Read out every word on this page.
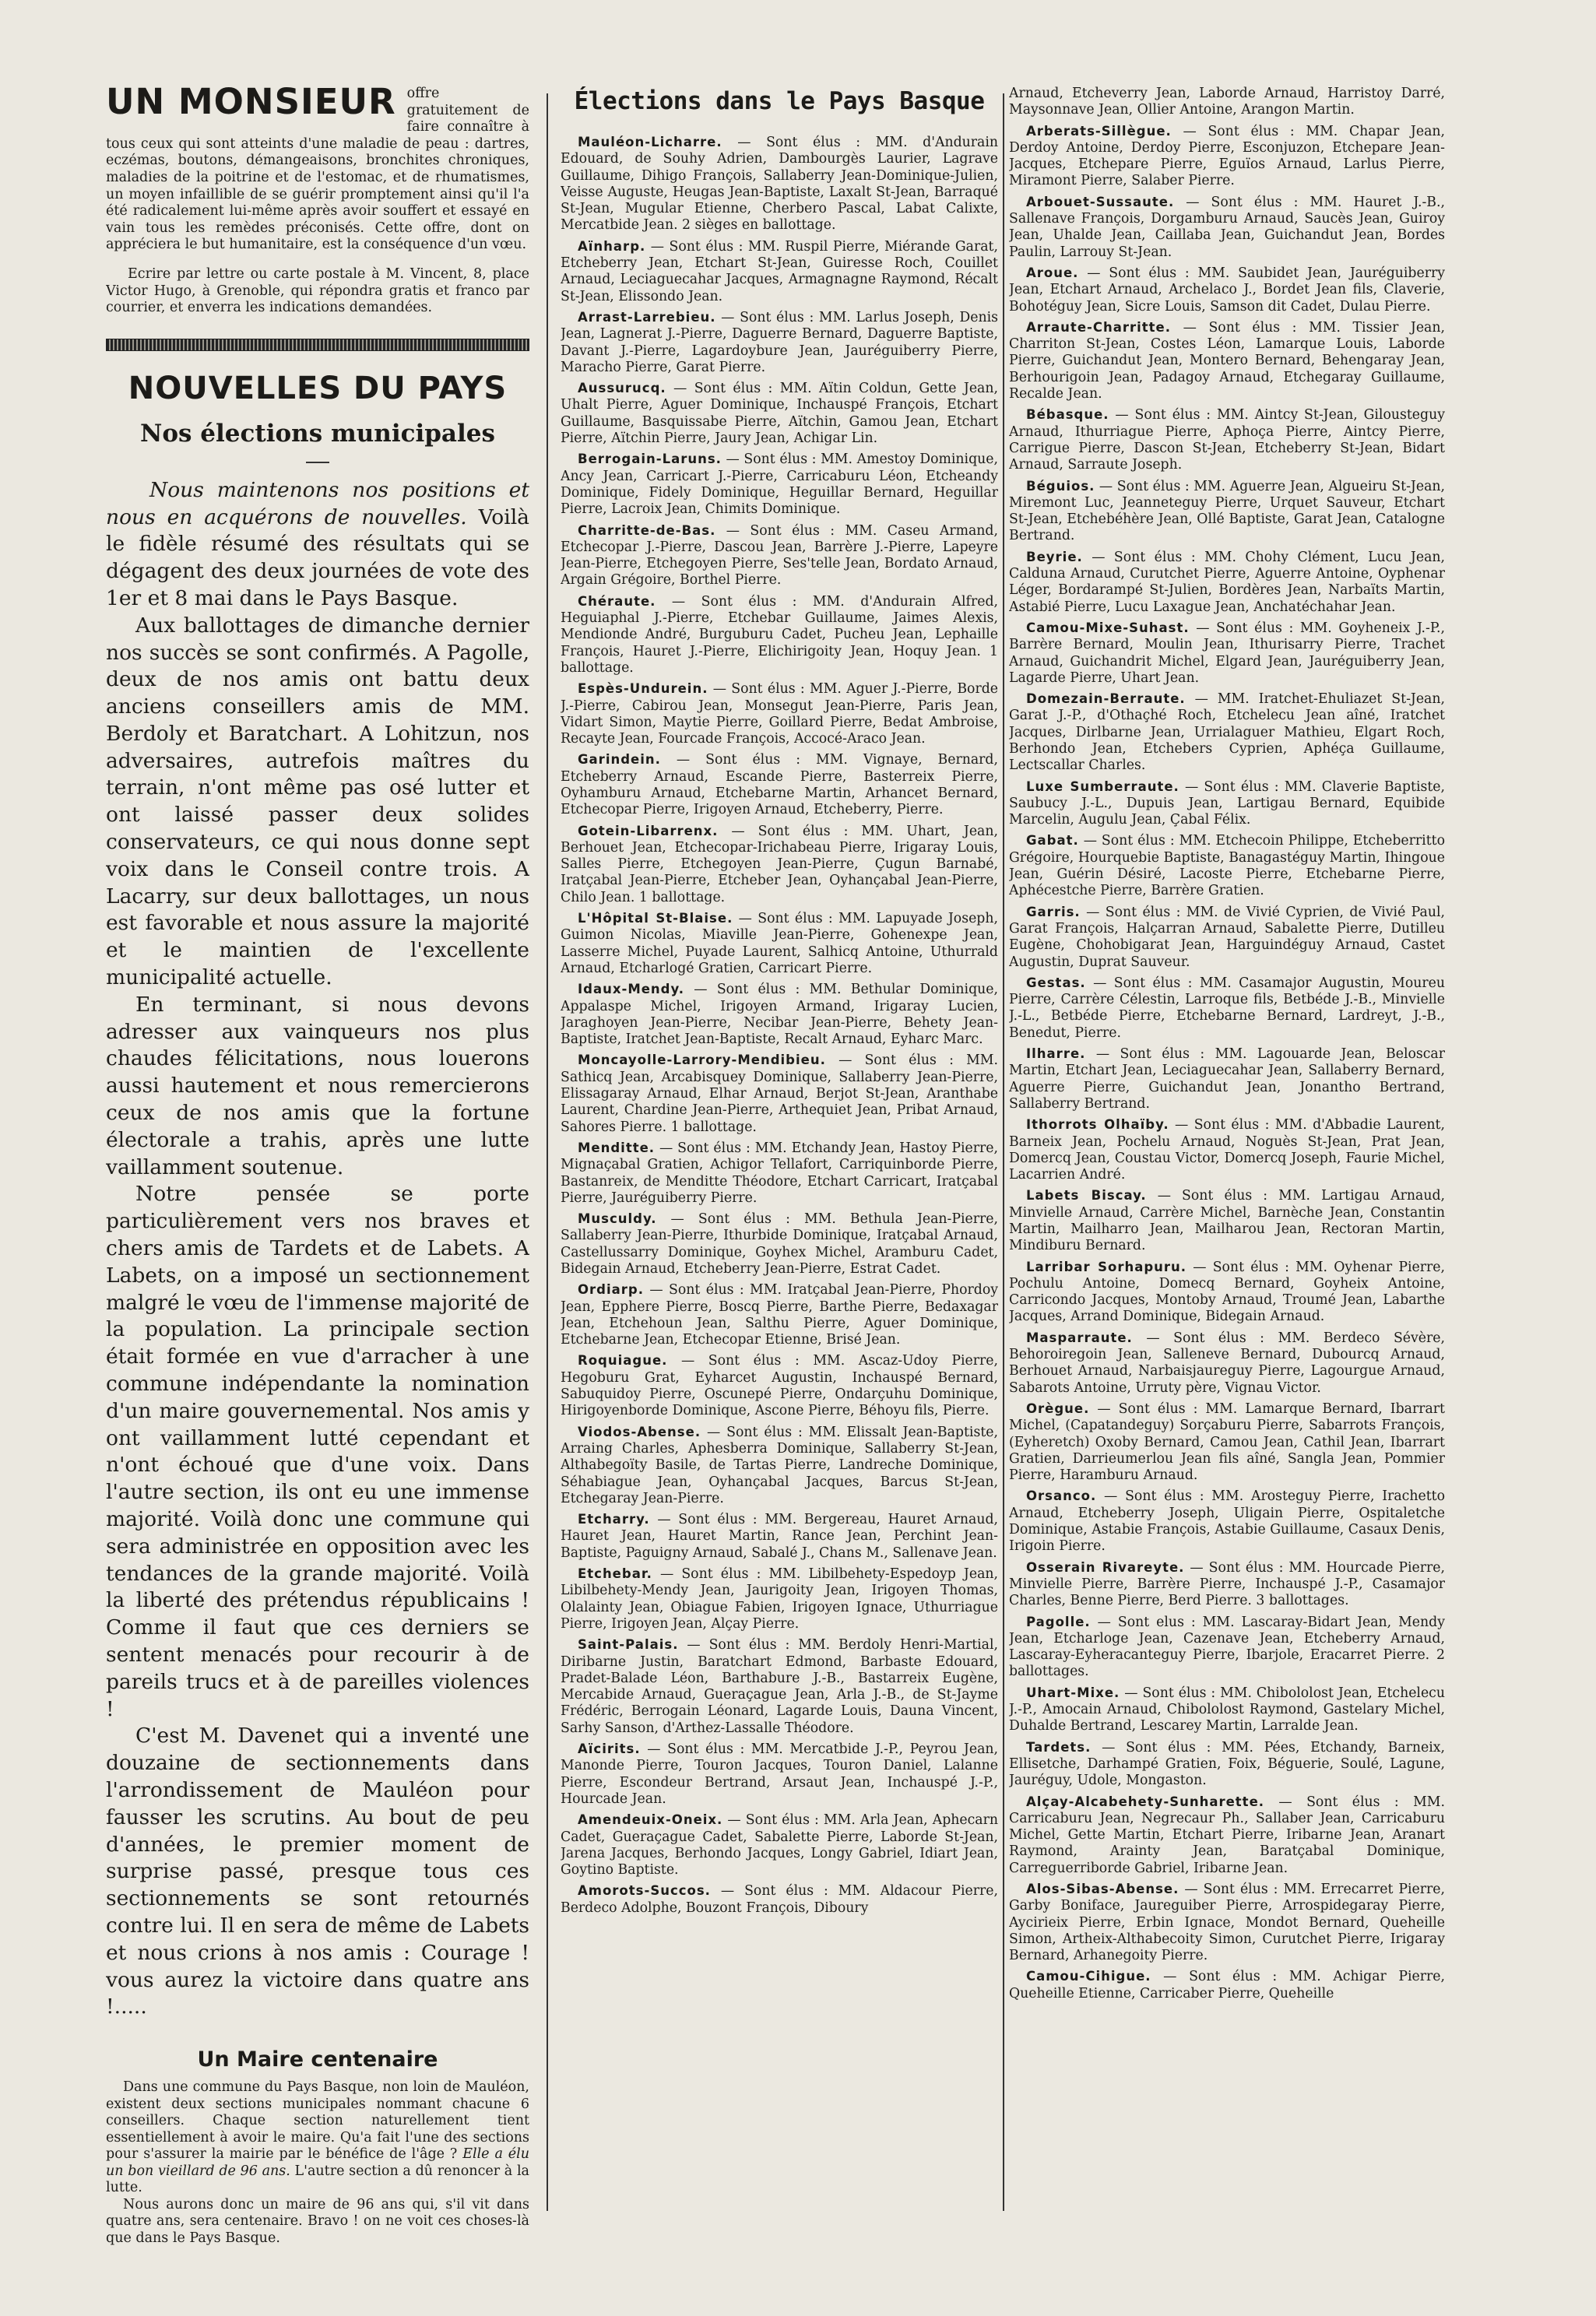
UN MONSIEUR offre gratuitement de faire connaître à tous ceux qui sont atteints d'une maladie de peau : dartres, eczémas, boutons, démangeaisons, bronchites chroniques, maladies de la poitrine et de l'estomac, et de rhumatismes, un moyen infaillible de se guérir promptement ainsi qu'il l'a été radicalement lui-même après avoir souffert et essayé en vain tous les remèdes préconisés. Cette offre, dont on appréciera le but humanitaire, est la conséquence d'un vœu.

Ecrire par lettre ou carte postale à M. Vincent, 8, place Victor Hugo, à Grenoble, qui répondra gratis et franco par courrier, et enverra les indications demandées.

NOUVELLES DU PAYS
Nos élections municipales

Nous maintenons nos positions et nous en acquérons de nouvelles. Voilà le fidèle résumé des résultats qui se dégagent des deux journées de vote des 1er et 8 mai dans le Pays Basque.

Aux ballottages de dimanche dernier nos succès se sont confirmés. A Pagolle, deux de nos amis ont battu deux anciens conseillers amis de MM. Berdoly et Baratchart. A Lohitzun, nos adversaires, autrefois maîtres du terrain, n'ont même pas osé lutter et ont laissé passer deux solides conservateurs, ce qui nous donne sept voix dans le Conseil contre trois. A Lacarry, sur deux ballottages, un nous est favorable et nous assure la majorité et le maintien de l'excellente municipalité actuelle.

En terminant, si nous devons adresser aux vainqueurs nos plus chaudes félicitations, nous louerons aussi hautement et nous remercierons ceux de nos amis que la fortune électorale a trahis, après une lutte vaillamment soutenue.

Notre pensée se porte particulièrement vers nos braves et chers amis de Tardets et de Labets. A Labets, on a imposé un sectionnement malgré le vœu de l'immense majorité de la population. La principale section était formée en vue d'arracher à une commune indépendante la nomination d'un maire gouvernemental. Nos amis y ont vaillamment lutté cependant et n'ont échoué que d'une voix. Dans l'autre section, ils ont eu une immense majorité. Voilà donc une commune qui sera administrée en opposition avec les tendances de la grande majorité. Voilà la liberté des prétendus républicains ! Comme il faut que ces derniers se sentent menacés pour recourir à de pareils trucs et à de pareilles violences !

C'est M. Davenet qui a inventé une douzaine de sectionnements dans l'arrondissement de Mauléon pour fausser les scrutins. Au bout de peu d'années, le premier moment de surprise passé, presque tous ces sectionnements se sont retournés contre lui. Il en sera de même de Labets et nous crions à nos amis : Courage ! vous aurez la victoire dans quatre ans !.....

Un Maire centenaire

Dans une commune du Pays Basque, non loin de Mauléon, existent deux sections municipales nommant chacune 6 conseillers. Chaque section naturellement tient essentiellement à avoir le maire. Qu'a fait l'une des sections pour s'assurer la mairie par le bénéfice de l'âge ? Elle a élu un bon vieillard de 96 ans. L'autre section a dû renoncer à la lutte.

Nous aurons donc un maire de 96 ans qui, s'il vit dans quatre ans, sera centenaire. Bravo ! on ne voit ces choses-là que dans le Pays Basque.

Élections dans le Pays Basque

Mauléon-Licharre. — Sont élus : MM. d'Andurain Edouard, de Souhy Adrien, Dambourgès Laurier, Lagrave Guillaume, Dihigo François, Sallaberry Jean-Dominique-Julien, Veisse Auguste, Heugas Jean-Baptiste, Laxalt St-Jean, Barraqué St-Jean, Mugular Etienne, Cherbero Pascal, Labat Calixte, Mercatbide Jean. 2 sièges en ballottage.

Aïnharp. — Sont élus : MM. Ruspil Pierre, Miérande Garat, Etcheberry Jean, Etchart St-Jean, Guiresse Roch, Couillet Arnaud, Leciaguecahar Jacques, Armagnagne Raymond, Récalt St-Jean, Elissondo Jean.

Arrast-Larrebieu. — Sont élus : MM. Larlus Joseph, Denis Jean, Lagnerat J.-Pierre, Daguerre Bernard, Daguerre Baptiste, Davant J.-Pierre, Lagardoybure Jean, Jauréguiberry Pierre, Maracho Pierre, Garat Pierre.

Aussurucq. — Sont élus : MM. Aïtin Coldun, Gette Jean, Uhalt Pierre, Aguer Dominique, Inchauspé François, Etchart Guillaume, Basquissabe Pierre, Aïtchin, Gamou Jean, Etchart Pierre, Aïtchin Pierre, Jaury Jean, Achigar Lin.

Berrogain-Laruns. — Sont élus : MM. Amestoy Dominique, Ancy Jean, Carricart J.-Pierre, Carricaburu Léon, Etcheandy Dominique, Fidely Dominique, Heguillar Bernard, Heguillar Pierre, Lacroix Jean, Chimits Dominique.

Charritte-de-Bas. — Sont élus : MM. Caseu Armand, Etchecopar J.-Pierre, Dascou Jean, Barrère J.-Pierre, Lapeyre Jean-Pierre, Etchegoyen Pierre, Ses'telle Jean, Bordato Arnaud, Argain Grégoire, Borthel Pierre.

Chéraute. — Sont élus : MM. d'Andurain Alfred, Heguiaphal J.-Pierre, Etchebar Guillaume, Jaimes Alexis, Mendionde André, Burguburu Cadet, Pucheu Jean, Lephaille François, Hauret J.-Pierre, Elichirigoity Jean, Hoquy Jean. 1 ballottage.

Espès-Undurein. — Sont élus : MM. Aguer J.-Pierre, Borde J.-Pierre, Cabirou Jean, Monsegut Jean-Pierre, Paris Jean, Vidart Simon, Maytie Pierre, Goillard Pierre, Bedat Ambroise, Recayte Jean, Fourcade François, Accocé-Araco Jean.

Garindein. — Sont élus : MM. Vignaye, Bernard, Etcheberry Arnaud, Escande Pierre, Basterreix Pierre, Oyhamburu Arnaud, Etchebarne Martin, Arhancet Bernard, Etchecopar Pierre, Irigoyen Arnaud, Etcheberry, Pierre.

Gotein-Libarrenx. — Sont élus : MM. Uhart, Jean, Berhouet Jean, Etchecopar-Irichabeau Pierre, Irigaray Louis, Salles Pierre, Etchegoyen Jean-Pierre, Çugun Barnabé, Iratçabal Jean-Pierre, Etcheber Jean, Oyhançabal Jean-Pierre, Chilo Jean. 1 ballottage.

L'Hôpital St-Blaise. — Sont élus : MM. Lapuyade Joseph, Guimon Nicolas, Miaville Jean-Pierre, Gohenexpe Jean, Lasserre Michel, Puyade Laurent, Salhicq Antoine, Uthurrald Arnaud, Etcharlogé Gratien, Carricart Pierre.

Idaux-Mendy. — Sont élus : MM. Bethular Dominique, Appalaspe Michel, Irigoyen Armand, Irigaray Lucien, Jaraghoyen Jean-Pierre, Necibar Jean-Pierre, Behety Jean-Baptiste, Iratchet Jean-Baptiste, Recalt Arnaud, Eyharc Marc.

Moncayolle-Larrory-Mendibieu. — Sont élus : MM. Sathicq Jean, Arcabisquey Dominique, Sallaberry Jean-Pierre, Elissagaray Arnaud, Elhar Arnaud, Berjot St-Jean, Aranthabe Laurent, Chardine Jean-Pierre, Arthequiet Jean, Pribat Arnaud, Sahores Pierre. 1 ballottage.

Menditte. — Sont élus : MM. Etchandy Jean, Hastoy Pierre, Mignaçabal Gratien, Achigor Tellafort, Carriquinborde Pierre, Bastanreix, de Menditte Théodore, Etchart Carricart, Iratçabal Pierre, Jauréguiberry Pierre.

Musculdy. — Sont élus : MM. Bethula Jean-Pierre, Sallaberry Jean-Pierre, Ithurbide Dominique, Iratçabal Arnaud, Castellussarry Dominique, Goyhex Michel, Aramburu Cadet, Bidegain Arnaud, Etcheberry Jean-Pierre, Estrat Cadet.

Ordiarp. — Sont élus : MM. Iratçabal Jean-Pierre, Phordoy Jean, Epphere Pierre, Boscq Pierre, Barthe Pierre, Bedaxagar Jean, Etchehoun Jean, Salthu Pierre, Aguer Dominique, Etchebarne Jean, Etchecopar Etienne, Brisé Jean.

Roquiague. — Sont élus : MM. Ascaz-Udoy Pierre, Hegoburu Grat, Eyharcet Augustin, Inchauspé Bernard, Sabuquidoy Pierre, Oscunepé Pierre, Ondarçuhu Dominique, Hirigoyenborde Dominique, Ascone Pierre, Béhoyu fils, Pierre.

Viodos-Abense. — Sont élus : MM. Elissalt Jean-Baptiste, Arraing Charles, Aphesberra Dominique, Sallaberry St-Jean, Althabegoïty Basile, de Tartas Pierre, Landreche Dominique, Séhabiague Jean, Oyhançabal Jacques, Barcus St-Jean, Etchegaray Jean-Pierre.

Etcharry. — Sont élus : MM. Bergereau, Hauret Arnaud, Hauret Jean, Hauret Martin, Rance Jean, Perchint Jean-Baptiste, Paguigny Arnaud, Sabalé J., Chans M., Sallenave Jean.

Etchebar. — Sont élus : MM. Libilbehety-Espedoyp Jean, Libilbehety-Mendy Jean, Jaurigoity Jean, Irigoyen Thomas, Olalainty Jean, Obiague Fabien, Irigoyen Ignace, Uthurriague Pierre, Irigoyen Jean, Alçay Pierre.

Saint-Palais. — Sont élus : MM. Berdoly Henri-Martial, Diribarne Justin, Baratchart Edmond, Barbaste Edouard, Pradet-Balade Léon, Barthabure J.-B., Bastarreix Eugène, Mercabide Arnaud, Gueraçague Jean, Arla J.-B., de St-Jayme Frédéric, Berrogain Léonard, Lagarde Louis, Dauna Vincent, Sarhy Sanson, d'Arthez-Lassalle Théodore.

Aïcirits. — Sont élus : MM. Mercatbide J.-P., Peyrou Jean, Manonde Pierre, Touron Jacques, Touron Daniel, Lalanne Pierre, Escondeur Bertrand, Arsaut Jean, Inchauspé J.-P., Hourcade Jean.

Amendeuix-Oneix. — Sont élus : MM. Arla Jean, Aphecarn Cadet, Gueraçague Cadet, Sabalette Pierre, Laborde St-Jean, Jarena Jacques, Berhondo Jacques, Longy Gabriel, Idiart Jean, Goytino Baptiste.

Amorots-Succos. — Sont élus : MM. Aldacour Pierre, Berdeco Adolphe, Bouzont François, Diboury

Arnaud, Etcheverry Jean, Laborde Arnaud, Harristoy Darré, Maysonnave Jean, Ollier Antoine, Arangon Martin.

Arberats-Sillègue. — Sont élus : MM. Chapar Jean, Derdoy Antoine, Derdoy Pierre, Esconjuzon, Etchepare Jean-Jacques, Etchepare Pierre, Eguïos Arnaud, Larlus Pierre, Miramont Pierre, Salaber Pierre.

Arbouet-Sussaute. — Sont élus : MM. Hauret J.-B., Sallenave François, Dorgamburu Arnaud, Saucès Jean, Guiroy Jean, Uhalde Jean, Caillaba Jean, Guichandut Jean, Bordes Paulin, Larrouy St-Jean.

Aroue. — Sont élus : MM. Saubidet Jean, Jauréguiberry Jean, Etchart Arnaud, Archelaco J., Bordet Jean fils, Claverie, Bohotéguy Jean, Sicre Louis, Samson dit Cadet, Dulau Pierre.

Arraute-Charritte. — Sont élus : MM. Tissier Jean, Charriton St-Jean, Costes Léon, Lamarque Louis, Laborde Pierre, Guichandut Jean, Montero Bernard, Behengaray Jean, Berhourigoin Jean, Padagoy Arnaud, Etchegaray Guillaume, Recalde Jean.

Bébasque. — Sont élus : MM. Aintcy St-Jean, Gilousteguy Arnaud, Ithurriague Pierre, Aphoça Pierre, Aintcy Pierre, Carrigue Pierre, Dascon St-Jean, Etcheberry St-Jean, Bidart Arnaud, Sarraute Joseph.

Béguios. — Sont élus : MM. Aguerre Jean, Algueiru St-Jean, Miremont Luc, Jeanneteguy Pierre, Urquet Sauveur, Etchart St-Jean, Etchebéhère Jean, Ollé Baptiste, Garat Jean, Catalogne Bertrand.

Beyrie. — Sont élus : MM. Chohy Clément, Lucu Jean, Calduna Arnaud, Curutchet Pierre, Aguerre Antoine, Oyphenar Léger, Bordarampé St-Julien, Bordères Jean, Narbaïts Martin, Astabié Pierre, Lucu Laxague Jean, Anchatéchahar Jean.

Camou-Mixe-Suhast. — Sont élus : MM. Goyheneix J.-P., Barrère Bernard, Moulin Jean, Ithurisarry Pierre, Trachet Arnaud, Guichandrit Michel, Elgard Jean, Jauréguiberry Jean, Lagarde Pierre, Uhart Jean.

Domezain-Berraute. — MM. Iratchet-Ehuliazet St-Jean, Garat J.-P., d'Othaçhé Roch, Etchelecu Jean aîné, Iratchet Jacques, Dirlbarne Jean, Urrialaguer Mathieu, Elgart Roch, Berhondo Jean, Etchebers Cyprien, Aphéça Guillaume, Lectscallar Charles.

Luxe Sumberraute. — Sont élus : MM. Claverie Baptiste, Saubucy J.-L., Dupuis Jean, Lartigau Bernard, Equibide Marcelin, Augulu Jean, Çabal Félix.

Gabat. — Sont élus : MM. Etchecoin Philippe, Etcheberritto Grégoire, Hourquebie Baptiste, Banagastéguy Martin, Ihingoue Jean, Guérin Désiré, Lacoste Pierre, Etchebarne Pierre, Aphécestche Pierre, Barrère Gratien.

Garris. — Sont élus : MM. de Vivié Cyprien, de Vivié Paul, Garat François, Halçarran Arnaud, Sabalette Pierre, Dutilleu Eugène, Chohobigarat Jean, Harguindéguy Arnaud, Castet Augustin, Duprat Sauveur.

Gestas. — Sont élus : MM. Casamajor Augustin, Moureu Pierre, Carrère Célestin, Larroque fils, Betbéde J.-B., Minvielle J.-L., Betbéde Pierre, Etchebarne Bernard, Lardreyt, J.-B., Benedut, Pierre.

Ilharre. — Sont élus : MM. Lagouarde Jean, Beloscar Martin, Etchart Jean, Leciaguecahar Jean, Sallaberry Bernard, Aguerre Pierre, Guichandut Jean, Jonantho Bertrand, Sallaberry Bertrand.

Ithorrots Olhaïby. — Sont élus : MM. d'Abbadie Laurent, Barneix Jean, Pochelu Arnaud, Noguès St-Jean, Prat Jean, Domercq Jean, Coustau Victor, Domercq Joseph, Faurie Michel, Lacarrien André.

Labets Biscay. — Sont élus : MM. Lartigau Arnaud, Minvielle Arnaud, Carrère Michel, Barnèche Jean, Constantin Martin, Mailharro Jean, Mailharou Jean, Rectoran Martin, Mindiburu Bernard.

Larribar Sorhapuru. — Sont élus : MM. Oyhenar Pierre, Pochulu Antoine, Domecq Bernard, Goyheix Antoine, Carricondo Jacques, Montoby Arnaud, Troumé Jean, Labarthe Jacques, Arrand Dominique, Bidegain Arnaud.

Masparraute. — Sont élus : MM. Berdeco Sévère, Behoroiregoin Jean, Salleneve Bernard, Dubourcq Arnaud, Berhouet Arnaud, Narbaisjaureguy Pierre, Lagourgue Arnaud, Sabarots Antoine, Urruty père, Vignau Victor.

Orègue. — Sont élus : MM. Lamarque Bernard, Ibarrart Michel, (Capatandeguy) Sorçaburu Pierre, Sabarrots François, (Eyheretch) Oxoby Bernard, Camou Jean, Cathil Jean, Ibarrart Gratien, Darrieumerlou Jean fils aîné, Sangla Jean, Pommier Pierre, Haramburu Arnaud.

Orsanco. — Sont élus : MM. Arosteguy Pierre, Irachetto Arnaud, Etcheberry Joseph, Uligain Pierre, Ospitaletche Dominique, Astabie François, Astabie Guillaume, Casaux Denis, Irigoin Pierre.

Osserain Rivareyte. — Sont élus : MM. Hourcade Pierre, Minvielle Pierre, Barrère Pierre, Inchauspé J.-P., Casamajor Charles, Benne Pierre, Berd Pierre. 3 ballottages.

Pagolle. — Sont elus : MM. Lascaray-Bidart Jean, Mendy Jean, Etcharloge Jean, Cazenave Jean, Etcheberry Arnaud, Lascaray-Eyheracanteguy Pierre, Ibarjole, Eracarret Pierre. 2 ballottages.

Uhart-Mixe. — Sont élus : MM. Chibololost Jean, Etchelecu J.-P., Amocain Arnaud, Chibololost Raymond, Gastelary Michel, Duhalde Bertrand, Lescarey Martin, Larralde Jean.

Tardets. — Sont élus : MM. Pées, Etchandy, Barneix, Ellisetche, Darhampé Gratien, Foix, Béguerie, Soulé, Lagune, Jauréguy, Udole, Mongaston.

Alçay-Alcabehety-Sunharette. — Sont élus : MM. Carricaburu Jean, Negrecaur Ph., Sallaber Jean, Carricaburu Michel, Gette Martin, Etchart Pierre, Iribarne Jean, Aranart Raymond, Arainty Jean, Baratçabal Dominique, Carreguerriborde Gabriel, Iribarne Jean.

Alos-Sibas-Abense. — Sont élus : MM. Errecarret Pierre, Garby Boniface, Jaureguiber Pierre, Arrospidegaray Pierre, Aycirieix Pierre, Erbin Ignace, Mondot Bernard, Queheille Simon, Artheix-Althabecoity Simon, Curutchet Pierre, Irigaray Bernard, Arhanegoity Pierre.

Camou-Cihigue. — Sont élus : MM. Achigar Pierre, Queheille Etienne, Carricaber Pierre, Queheille
